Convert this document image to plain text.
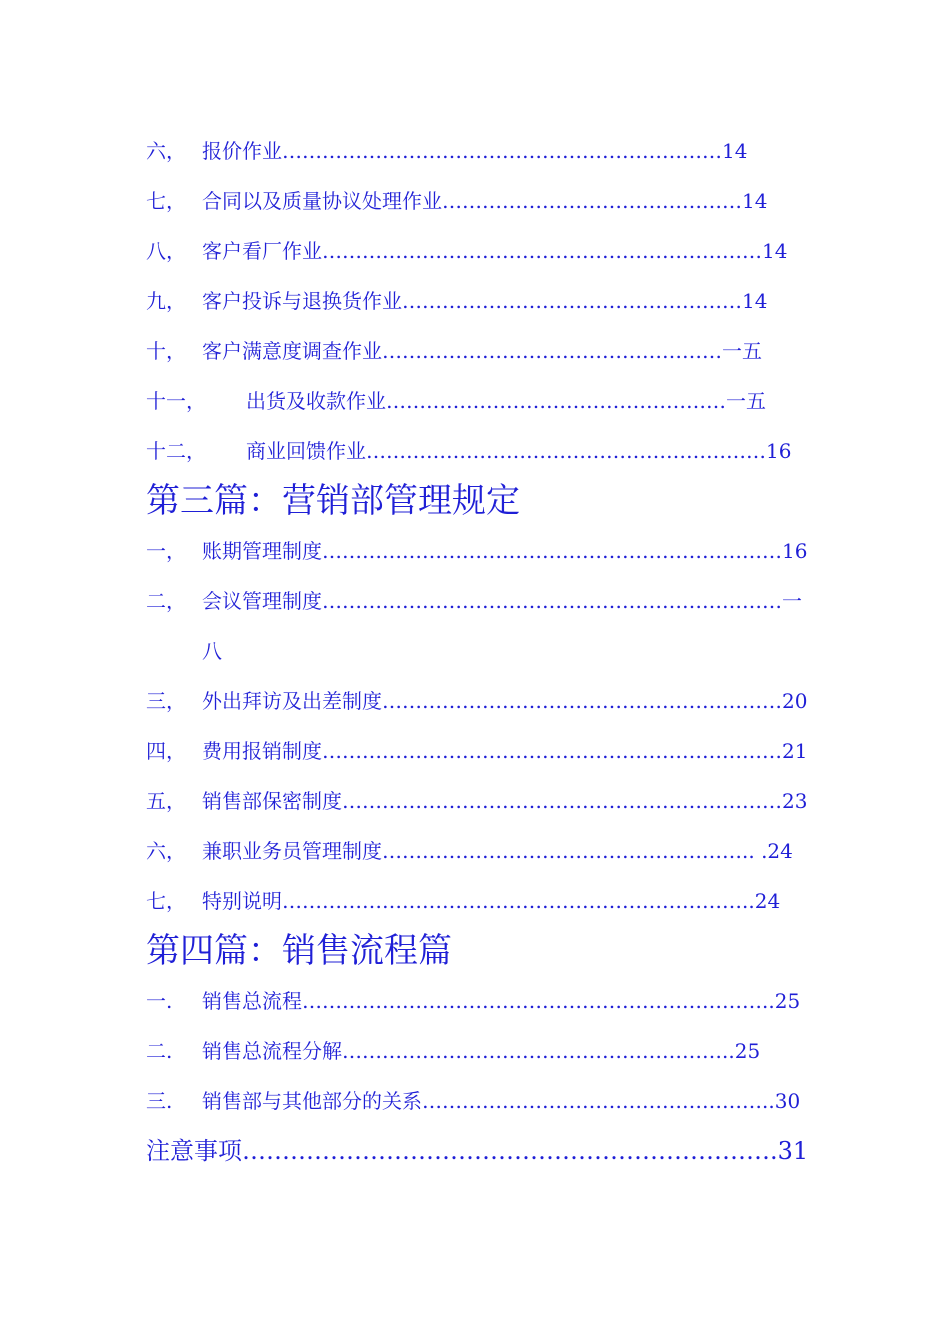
六， 报价作业 ………………………………………………………… 14
七， 合同以及质量协议处理作业 ……………………………………… 14
八， 客户看厂作业 ………………………………………………………… 14
九， 客户投诉与退换货作业 …………………………………………… 14
十， 客户满意度调查作业 …………………………………………… 一五
十一，	出货及收款作业 …………………………………………… 一五
十二，	商业回馈作业 …………………………………………………… 16
第三篇：营销部管理规定
一， 账期管理制度 …………………………………………………………… 16
二， 会议管理制度 …………………………………………………………… 一
八
三， 外出拜访及出差制度 …………………………………………………… 20
四， 费用报销制度 …………………………………………………………… 21
五， 销售部保密制度 ………………………………………………………… 23
六， 兼职业务员管理制度 ……………………………………………… .. .24
七， 特别说明 …………………………………………………………… ..24
第四篇：销售流程篇
一.	销售总流程 …………………………………………………………… ..25
二.	销售总流程分解 ………………………………………………… ..25
三.	销售部与其他部分的关系 …………………………………………… ..30
注意事项 ………………………………………………………… .31
